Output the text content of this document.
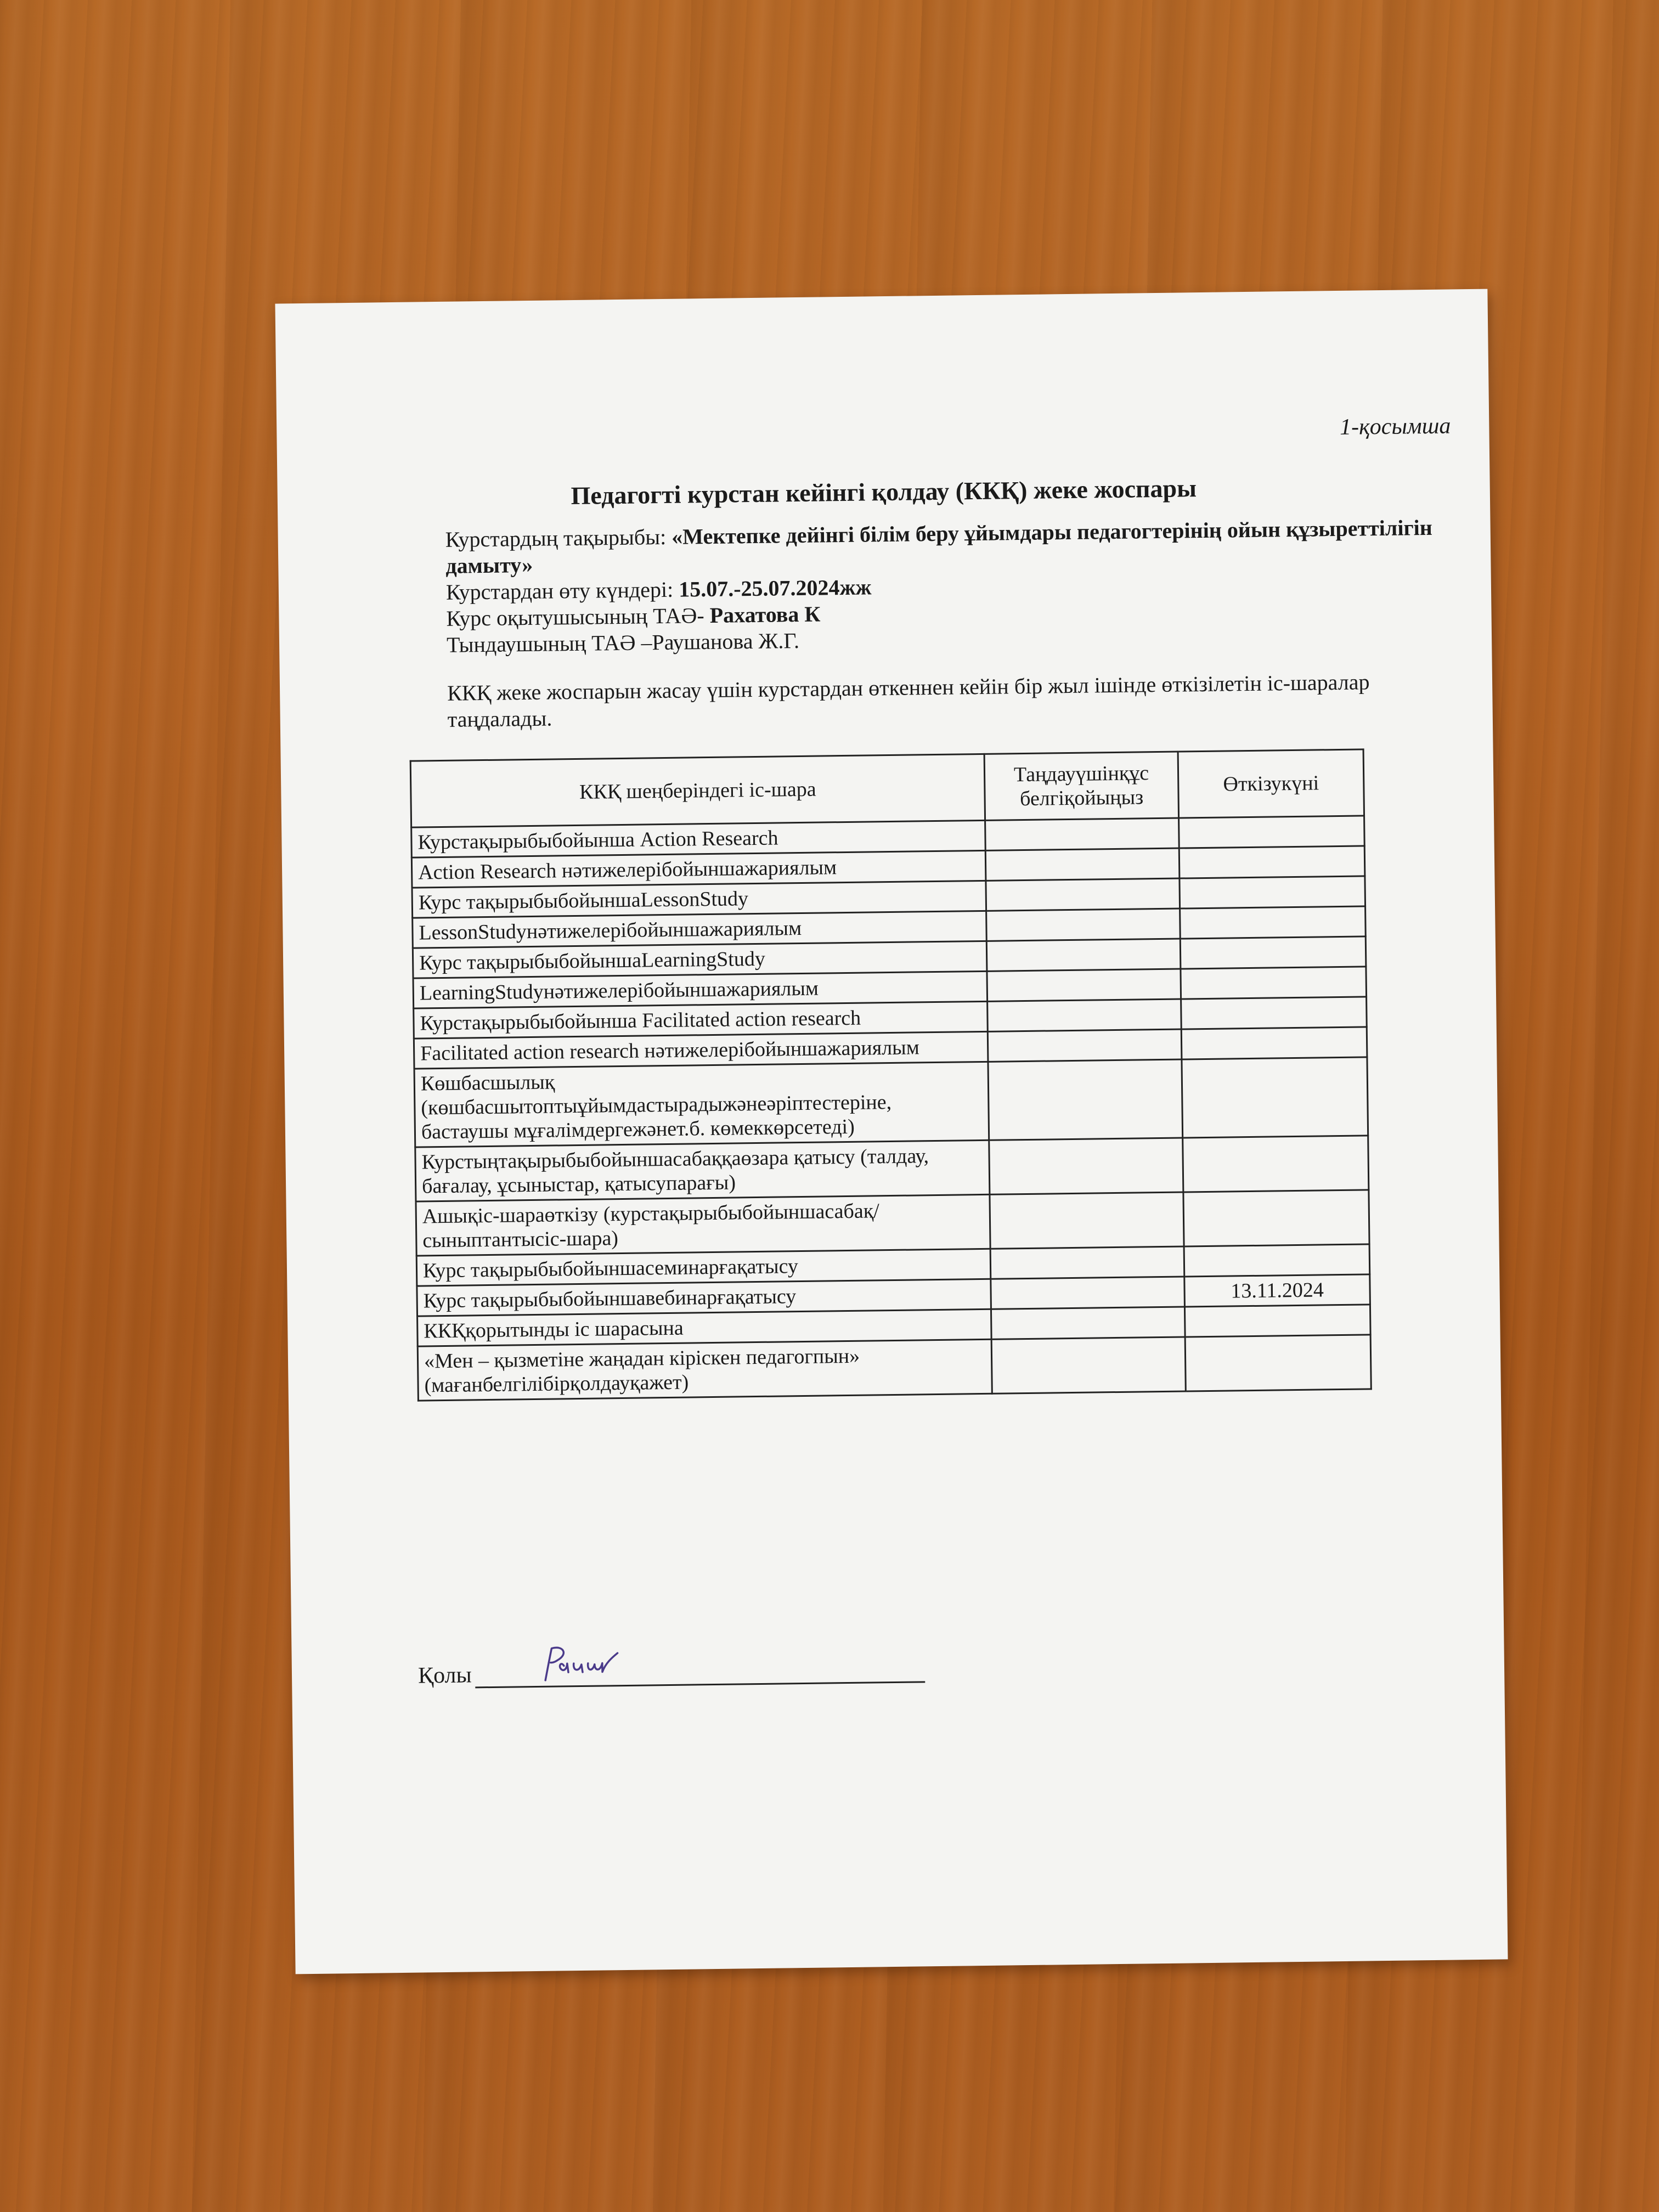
1-қосымша
Педагогті курстан кейінгі қолдау (ККҚ) жеке жоспары

Курстардың тақырыбы: «Мектепке дейінгі білім беру ұйымдары педагогтерінің ойын құзыреттілігін дамыту»

Курстардан өту күндері: 15.07.-25.07.2024жж

Курс оқытушысының ТАӘ- Рахатова К

Тындаушының ТАӘ –Раушанова Ж.Г.

ККҚ жеке жоспарын жасау үшін курстардан өткеннен кейін бір жыл ішінде өткізілетін іс-шаралар таңдалады.
ККҚ шеңберіндегі іс-шара	Таңдауүшінқұс белгіқойыңыз	Өткізукүні
Курстақырыбыбойынша Action Research		
Action Research нәтижелерібойыншажариялым		
Курс тақырыбыбойыншаLessonStudy		
LessonStudyнәтижелерібойыншажариялым		
Курс тақырыбыбойыншаLearningStudy		
LearningStudyнәтижелерібойыншажариялым		
Курстақырыбыбойынша Facilitated action research		
Facilitated action research нәтижелерібойыншажариялым		
Көшбасшылық (көшбасшытоптыұйымдастырадыжәнеәріптестеріне, бастаушы мұғалімдергежәнет.б. көмеккөрсетеді)		
Курстыңтақырыбыбойыншасабаққаөзара қатысу (талдау, бағалау, ұсыныстар, қатысупарағы)		
Ашықіс-шараөткізу (курстақырыбыбойыншасабақ/ сыныптантысіс-шара)		
Курс тақырыбыбойыншасеминарғақатысу		
Курс тақырыбыбойыншавебинарғақатысу		13.11.2024
ККҚқорытынды іс шарасына		
«Мен – қызметіне жаңадан кіріскен педагогпын» (мағанбелгілібірқолдауқажет)		
Қолы
